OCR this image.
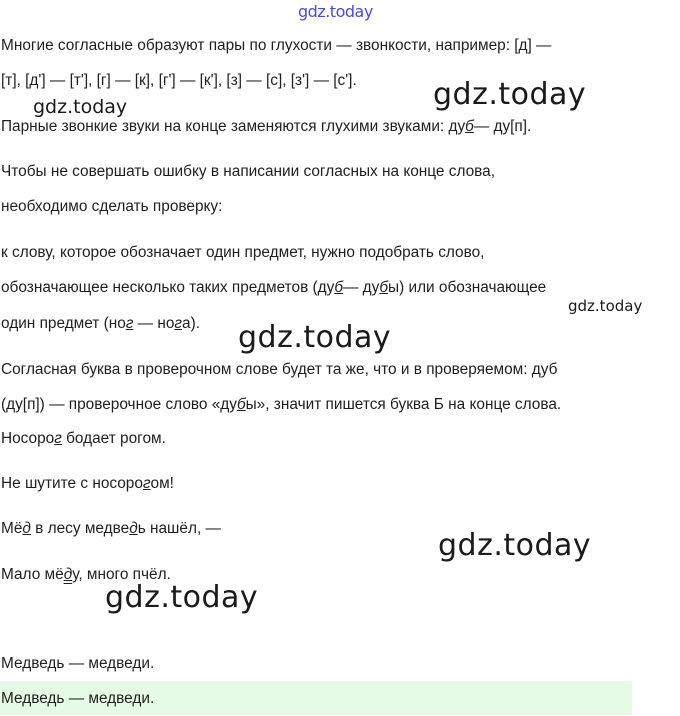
gdz.today
Многие согласные образуют пары по глухости — звонкости, например: [д] —
[т], [д'] — [т'], [г] — [к], [г'] — [к'], [з] — [с], [з'] — [с'].	gdz.today
gdz.today
Парные звонкие звуки на конце заменяются глухими звуками: дуб— ду[п].
Чтобы не совершать ошибку в написании согласных на конце слова,
необходимо сделать проверку:
к слову, которое обозначает один предмет, нужно подобрать слово,
обозначающее несколько таких предметов (дуб— дубы) или обозначающее
gdz.today
один предмет (ног — нога). gdz.today
Согласная буква в проверочном слове будет та же, что и в проверяемом: дуб
(ду[п]) — проверочное слово «дубы», значит пишется буква Б на конце слова.
Носорог бодает рогом.
Не шутите с носорогом!
Мёд в лесу медведь нашёл, —	gdz.today
Мало мёду, много пчёл.
gdz.today
Медведь — медведи.
Медведь — медведи.
